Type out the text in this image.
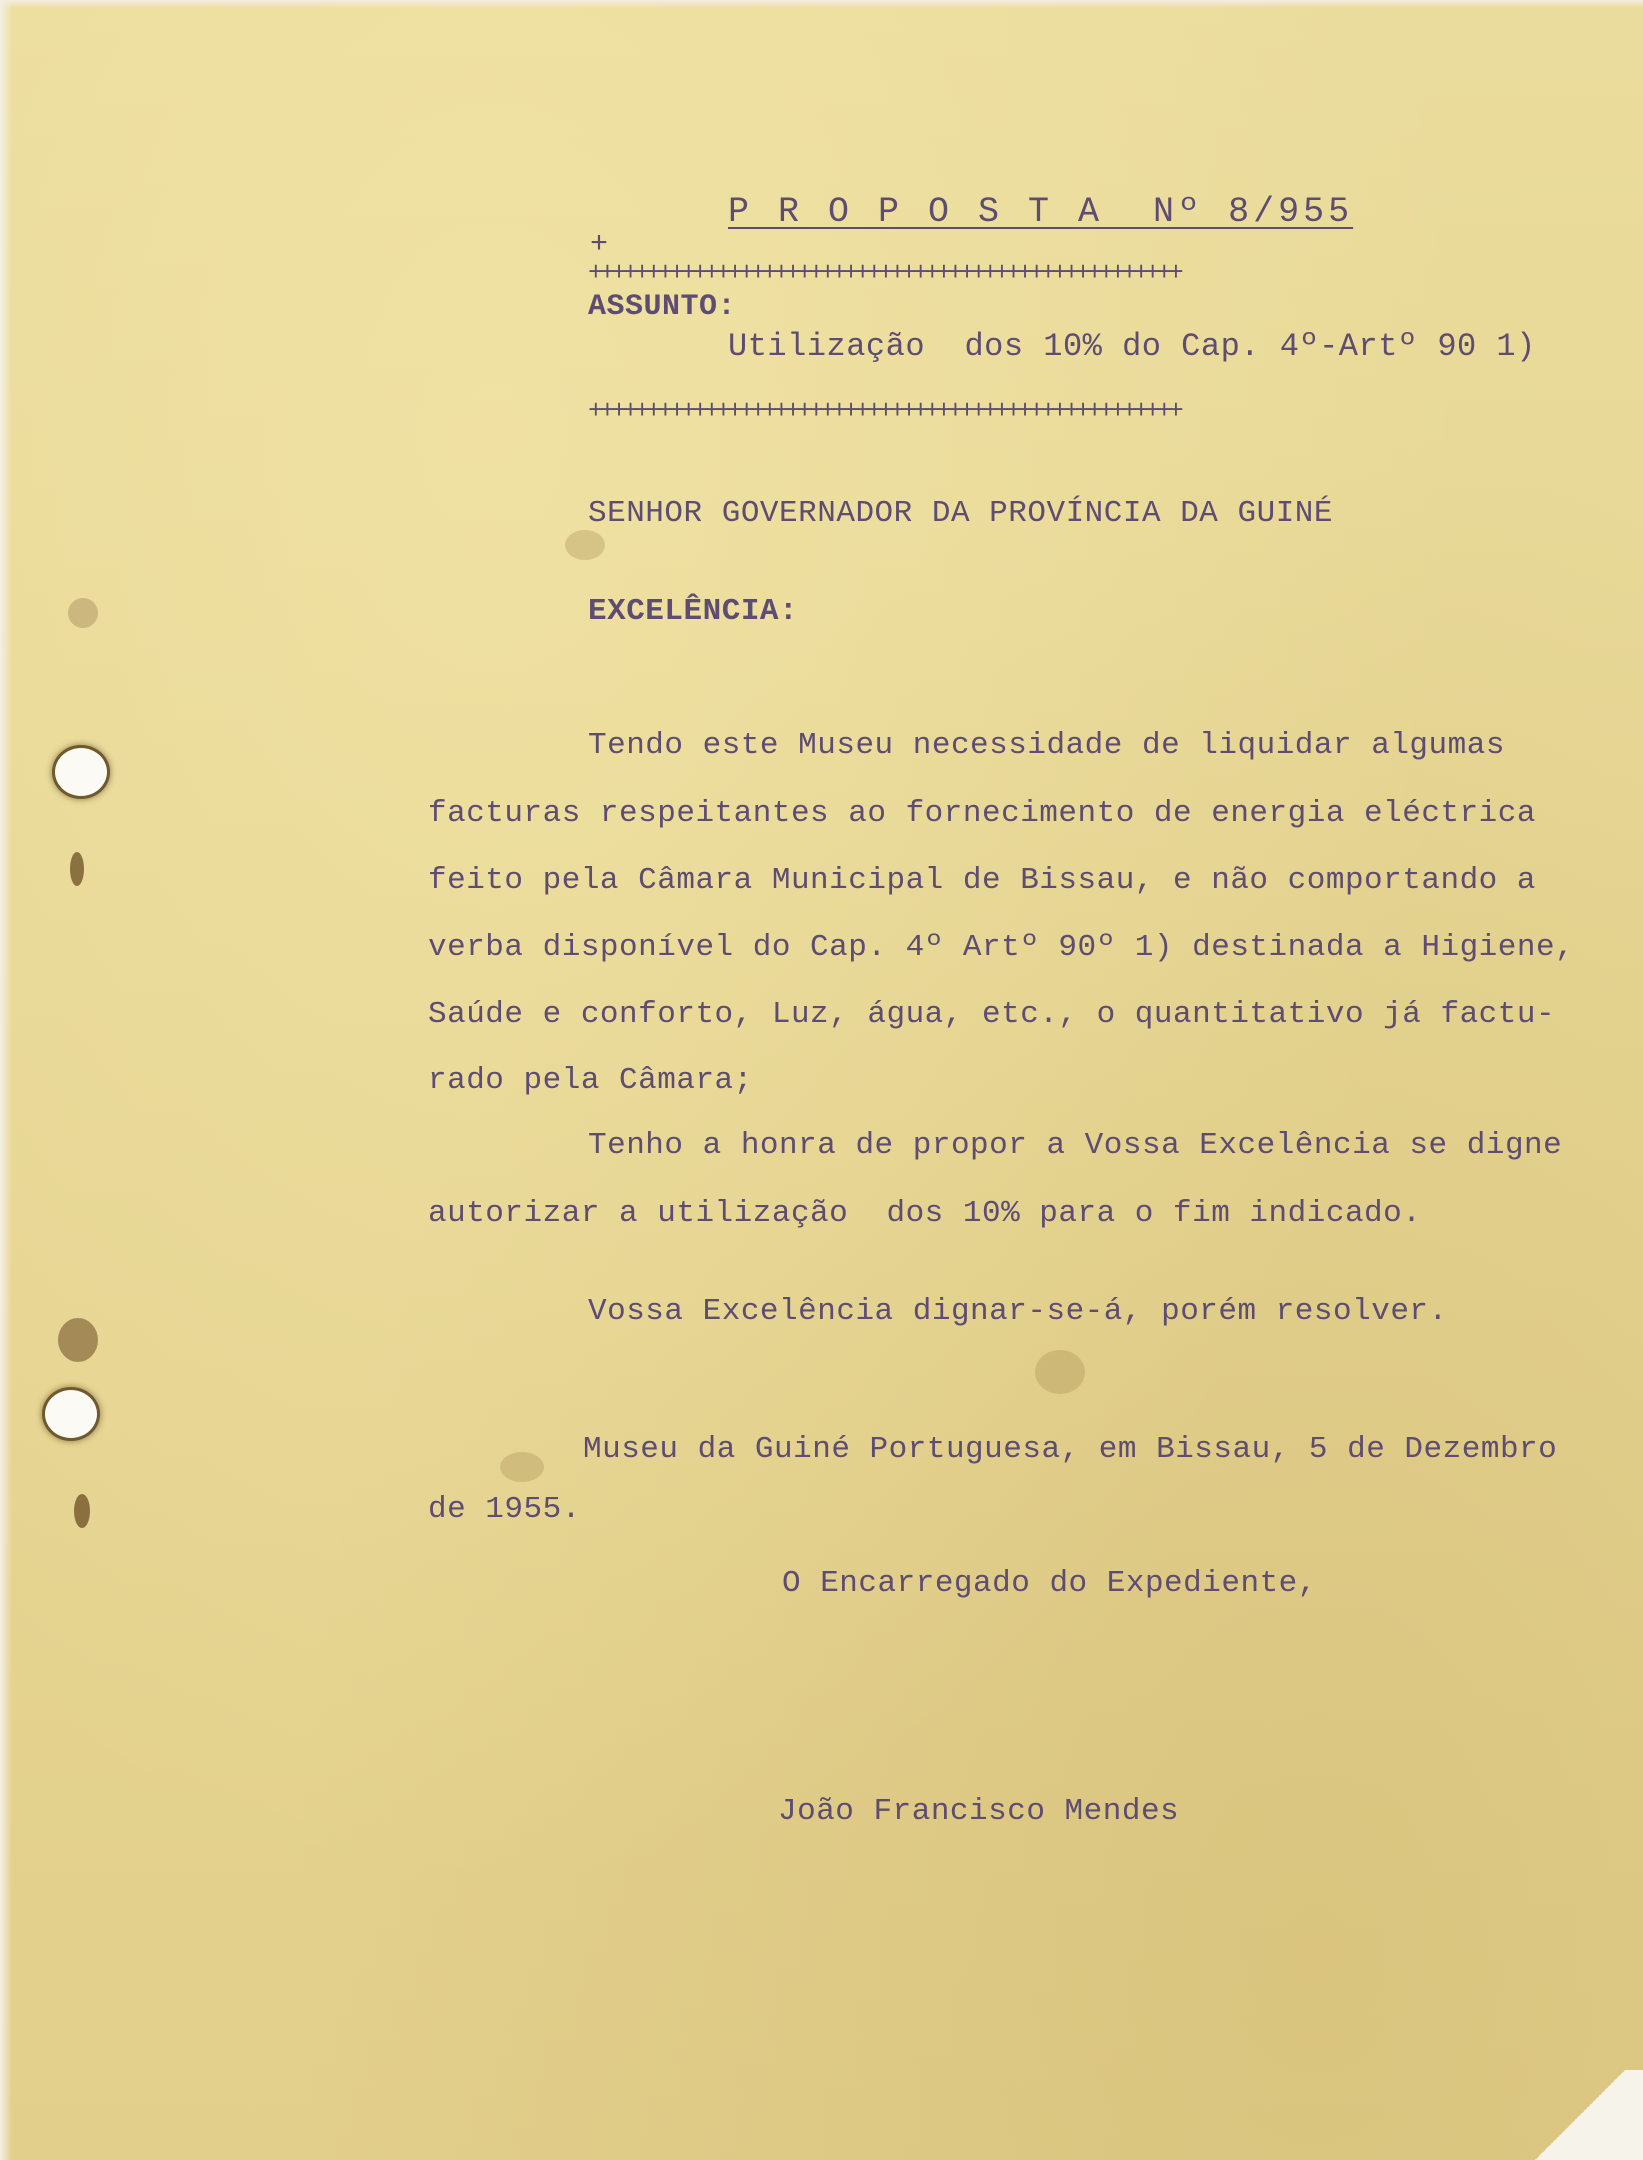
P R O P O S T A  Nº 8/955
+
+++++++++++++++++++++++++++++++++++++++++++++++++++
ASSUNTO:
Utilização  dos 10% do Cap. 4º-Artº 90 1)
+++++++++++++++++++++++++++++++++++++++++++++++++++
SENHOR GOVERNADOR DA PROVÍNCIA DA GUINÉ
EXCELÊNCIA:
Tendo este Museu necessidade de liquidar algumas
facturas respeitantes ao fornecimento de energia eléctrica
feito pela Câmara Municipal de Bissau, e não comportando a
verba disponível do Cap. 4º Artº 90º 1) destinada a Higiene,
Saúde e conforto, Luz, água, etc., o quantitativo já factu-
rado pela Câmara;
Tenho a honra de propor a Vossa Excelência se digne
autorizar a utilização  dos 10% para o fim indicado.
Vossa Excelência dignar-se-á, porém resolver.
Museu da Guiné Portuguesa, em Bissau, 5 de Dezembro
de 1955.
O Encarregado do Expediente,
João Francisco Mendes
